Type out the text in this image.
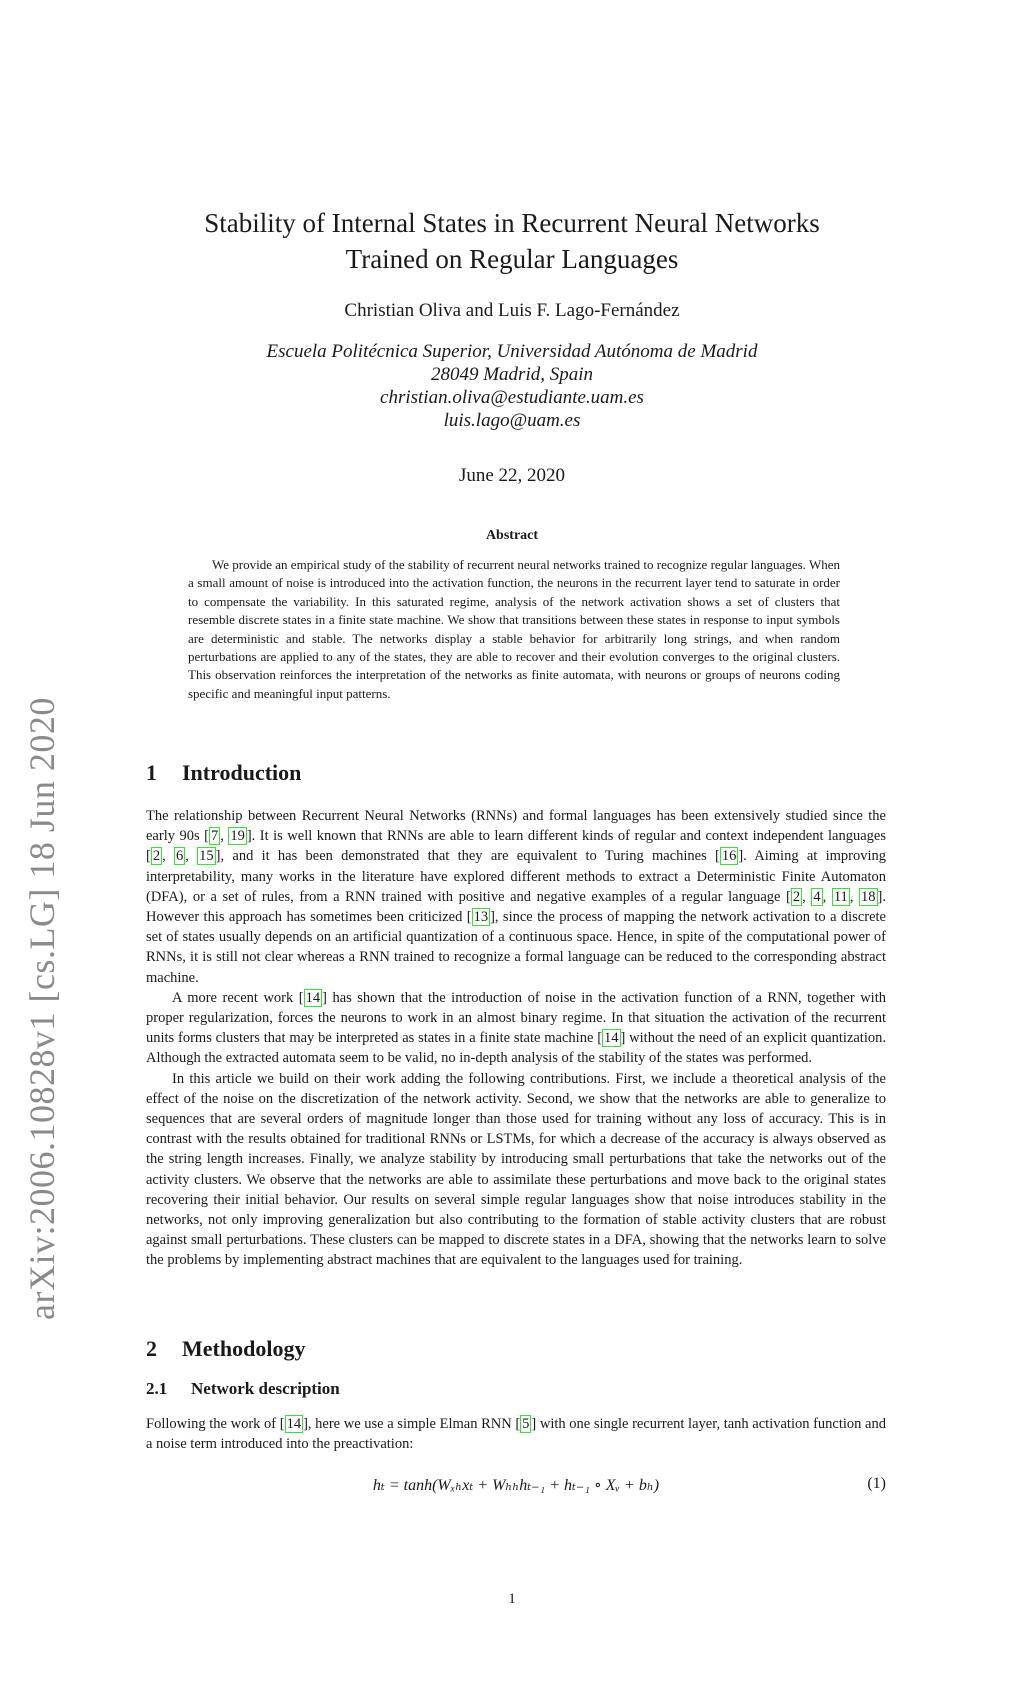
arXiv:2006.10828v1 [cs.LG] 18 Jun 2020
Stability of Internal States in Recurrent Neural Networks
Trained on Regular Languages
Christian Oliva and Luis F. Lago-Fernández
Escuela Politécnica Superior, Universidad Autónoma de Madrid
28049 Madrid, Spain
christian.oliva@estudiante.uam.es
luis.lago@uam.es
June 22, 2020
Abstract
We provide an empirical study of the stability of recurrent neural networks trained to recognize regular languages. When a small amount of noise is introduced into the activation function, the neurons in the recurrent layer tend to saturate in order to compensate the variability. In this saturated regime, analysis of the network activation shows a set of clusters that resemble discrete states in a finite state machine. We show that transitions between these states in response to input symbols are deterministic and stable. The networks display a stable behavior for arbitrarily long strings, and when random perturbations are applied to any of the states, they are able to recover and their evolution converges to the original clusters. This observation reinforces the interpretation of the networks as finite automata, with neurons or groups of neurons coding specific and meaningful input patterns.
1 Introduction

The relationship between Recurrent Neural Networks (RNNs) and formal languages has been extensively studied since the early 90s [ 7 , 19 ]. It is well known that RNNs are able to learn different kinds of regular and context independent languages [ 2 , 6 , 15 ], and it has been demonstrated that they are equivalent to Turing machines [ 16 ]. Aiming at improving interpretability, many works in the literature have explored different methods to extract a Deterministic Finite Automaton (DFA), or a set of rules, from a RNN trained with positive and negative examples of a regular language [ 2 , 4 , 11 , 18 ]. However this approach has sometimes been criticized [ 13 ], since the process of mapping the network activation to a discrete set of states usually depends on an artificial quantization of a continuous space. Hence, in spite of the computational power of RNNs, it is still not clear whereas a RNN trained to recognize a formal language can be reduced to the corresponding abstract machine.

A more recent work [ 14 ] has shown that the introduction of noise in the activation function of a RNN, together with proper regularization, forces the neurons to work in an almost binary regime. In that situation the activation of the recurrent units forms clusters that may be interpreted as states in a finite state machine [ 14 ] without the need of an explicit quantization. Although the extracted automata seem to be valid, no in-depth analysis of the stability of the states was performed.

In this article we build on their work adding the following contributions. First, we include a theoretical analysis of the effect of the noise on the discretization of the network activity. Second, we show that the networks are able to generalize to sequences that are several orders of magnitude longer than those used for training without any loss of accuracy. This is in contrast with the results obtained for traditional RNNs or LSTMs, for which a decrease of the accuracy is always observed as the string length increases. Finally, we analyze stability by introducing small perturbations that take the networks out of the activity clusters. We observe that the networks are able to assimilate these perturbations and move back to the original states recovering their initial behavior. Our results on several simple regular languages show that noise introduces stability in the networks, not only improving generalization but also contributing to the formation of stable activity clusters that are robust against small perturbations. These clusters can be mapped to discrete states in a DFA, showing that the networks learn to solve the problems by implementing abstract machines that are equivalent to the languages used for training.

2 Methodology
2.1 Network description

Following the work of [ 14 ], here we use a simple Elman RNN [ 5 ] with one single recurrent layer, tanh activation function and a noise term introduced into the preactivation:

hₜ = tanh(Wₓₕxₜ + Wₕₕhₜ₋₁ + hₜ₋₁ ∘ Xᵥ + bₕ)	(1)
1
